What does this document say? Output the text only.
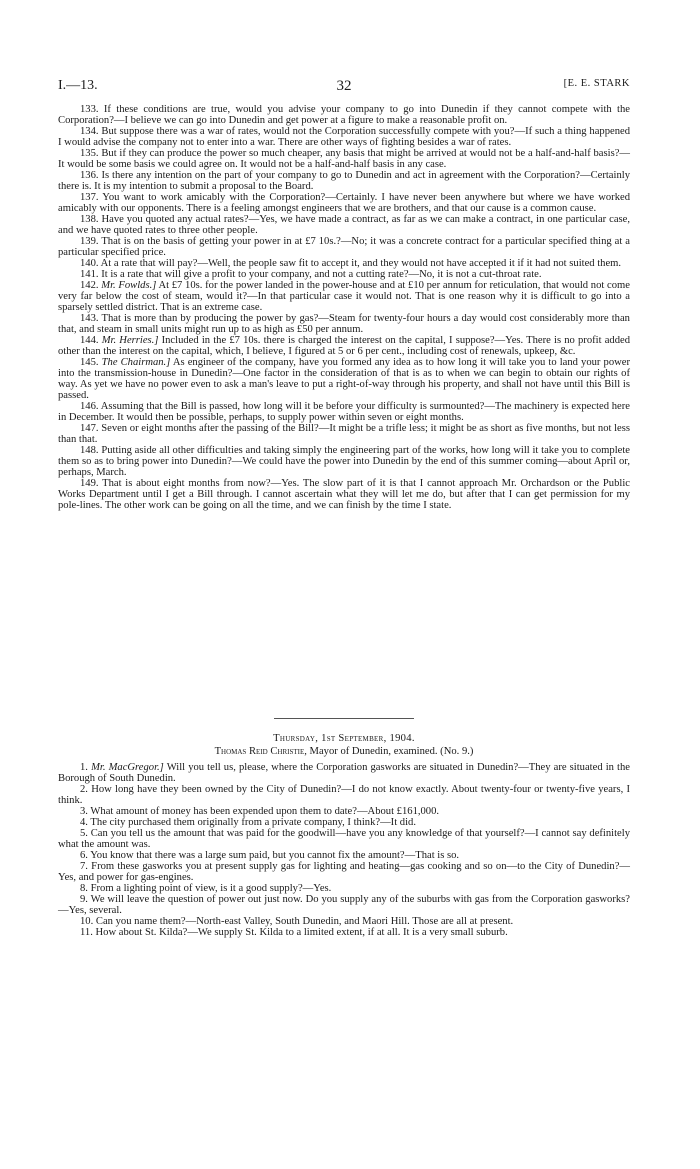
I.—13.	32	[E. E. STARK

133. If these conditions are true, would you advise your company to go into Dunedin if they cannot compete with the Corporation?—I believe we can go into Dunedin and get power at a figure to make a reasonable profit on.

134. But suppose there was a war of rates, would not the Corporation successfully compete with you?—If such a thing happened I would advise the company not to enter into a war. There are other ways of fighting besides a war of rates.

135. But if they can produce the power so much cheaper, any basis that might be arrived at would not be a half-and-half basis?—It would be some basis we could agree on. It would not be a half-and-half basis in any case.

136. Is there any intention on the part of your company to go to Dunedin and act in agreement with the Corporation?—Certainly there is. It is my intention to submit a proposal to the Board.

137. You want to work amicably with the Corporation?—Certainly. I have never been anywhere but where we have worked amicably with our opponents. There is a feeling amongst engineers that we are brothers, and that our cause is a common cause.

138. Have you quoted any actual rates?—Yes, we have made a contract, as far as we can make a contract, in one particular case, and we have quoted rates to three other people.

139. That is on the basis of getting your power in at £7 10s.?—No; it was a concrete contract for a particular specified thing at a particular specified price.

140. At a rate that will pay?—Well, the people saw fit to accept it, and they would not have accepted it if it had not suited them.

141. It is a rate that will give a profit to your company, and not a cutting rate?—No, it is not a cut-throat rate.

142. Mr. Fowlds.] At £7 10s. for the power landed in the power-house and at £10 per annum for reticulation, that would not come very far below the cost of steam, would it?—In that particular case it would not. That is one reason why it is difficult to go into a sparsely settled district. That is an extreme case.

143. That is more than by producing the power by gas?—Steam for twenty-four hours a day would cost considerably more than that, and steam in small units might run up to as high as £50 per annum.

144. Mr. Herries.] Included in the £7 10s. there is charged the interest on the capital, I suppose?—Yes. There is no profit added other than the interest on the capital, which, I believe, I figured at 5 or 6 per cent., including cost of renewals, upkeep, &c.

145. The Chairman.] As engineer of the company, have you formed any idea as to how long it will take you to land your power into the transmission-house in Dunedin?—One factor in the consideration of that is as to when we can begin to obtain our rights of way. As yet we have no power even to ask a man's leave to put a right-of-way through his property, and shall not have until this Bill is passed.

146. Assuming that the Bill is passed, how long will it be before your difficulty is surmounted?—The machinery is expected here in December. It would then be possible, perhaps, to supply power within seven or eight months.

147. Seven or eight months after the passing of the Bill?—It might be a trifle less; it might be as short as five months, but not less than that.

148. Putting aside all other difficulties and taking simply the engineering part of the works, how long will it take you to complete them so as to bring power into Dunedin?—We could have the power into Dunedin by the end of this summer coming—about April or, perhaps, March.

149. That is about eight months from now?—Yes. The slow part of it is that I cannot approach Mr. Orchardson or the Public Works Department until I get a Bill through. I cannot ascertain what they will let me do, but after that I can get permission for my pole-lines. The other work can be going on all the time, and we can finish by the time I state.

Thursday, 1st September, 1904.
Thomas Reid Christie, Mayor of Dunedin, examined. (No. 9.)

1. Mr. MacGregor.] Will you tell us, please, where the Corporation gasworks are situated in Dunedin?—They are situated in the Borough of South Dunedin.

2. How long have they been owned by the City of Dunedin?—I do not know exactly. About twenty-four or twenty-five years, I think.

3. What amount of money has been expended upon them to date?—About £161,000.

4. The city purchased them originally from a private company, I think?—It did.

5. Can you tell us the amount that was paid for the goodwill—have you any knowledge of that yourself?—I cannot say definitely what the amount was.

6. You know that there was a large sum paid, but you cannot fix the amount?—That is so.

7. From these gasworks you at present supply gas for lighting and heating—gas cooking and so on—to the City of Dunedin?—Yes, and power for gas-engines.

8. From a lighting point of view, is it a good supply?—Yes.

9. We will leave the question of power out just now. Do you supply any of the suburbs with gas from the Corporation gasworks?—Yes, several.

10. Can you name them?—North-east Valley, South Dunedin, and Maori Hill. Those are all at present.

11. How about St. Kilda?—We supply St. Kilda to a limited extent, if at all. It is a very small suburb.
